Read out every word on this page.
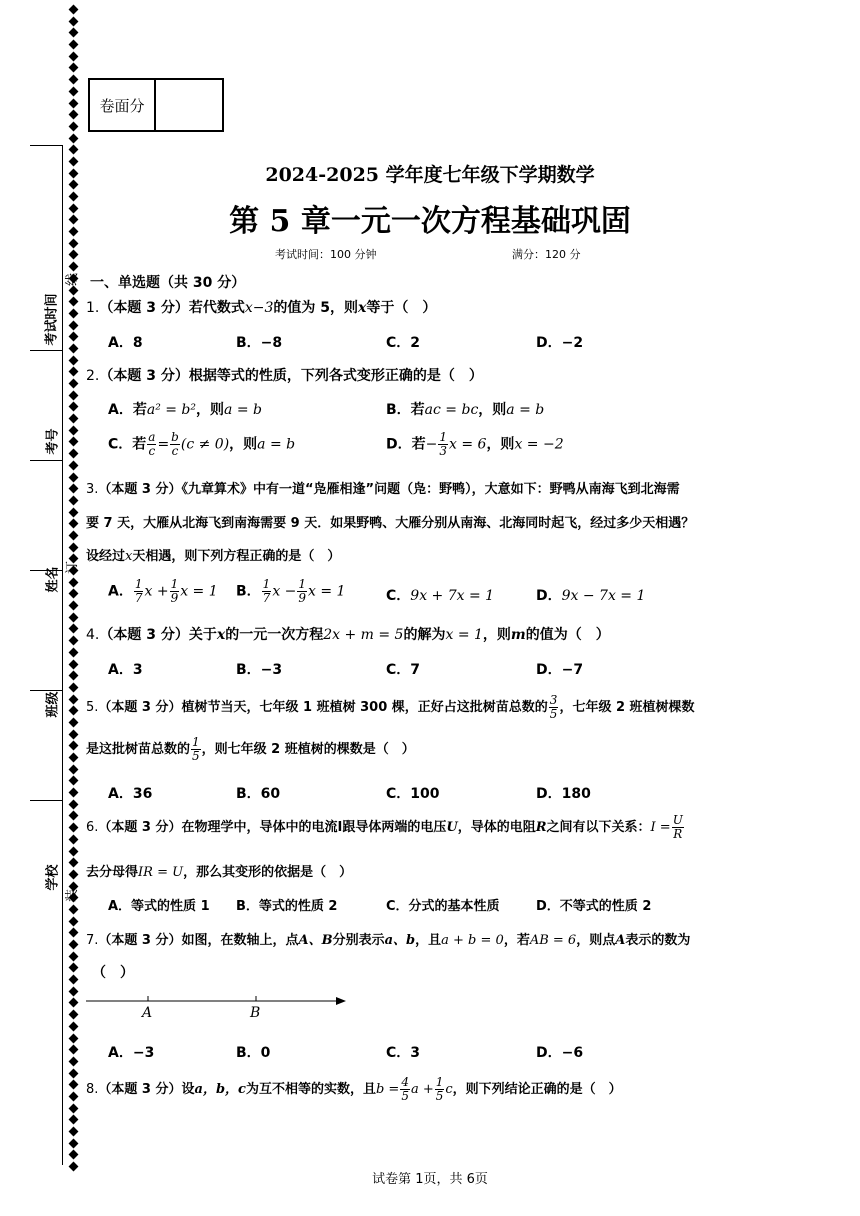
考试时间
考号
姓名
班级
学校
线
订
装
卷面分
2024-2025 学年度七年级下学期数学
第 5 章一元一次方程基础巩固
考试时间：100 分钟	满分：120 分
一、单选题（共 30 分）
1.（本题 3 分）若代数式x−3的值为 5，则x等于（　）
A．8	B．−8	C．2	D．−2
2.（本题 3 分）根据等式的性质，下列各式变形正确的是（　）
A．若a² = b²，则a = b	B．若ac = bc，则a = b
C．若 $\frac{a}{c} = \frac{b}{c} (c \ne 0)$，则a = b	D．若− $\frac{1}{3}$ x = 6，则x = −2
3.（本题 3 分）《九章算术》中有一道“凫雁相逢”问题（凫：野鸭），大意如下：野鸭从南海飞到北海需
要 7 天，大雁从北海飞到南海需要 9 天．如果野鸭、大雁分别从南海、北海同时起飞，经过多少天相遇？
设经过x天相遇，则下列方程正确的是（　）
A． $\frac{1}{7}$ $x + \frac{1}{9}$ x = 1 B． $\frac{1}{7}$ $x - \frac{1}{9}$ x = 1	C．9x + 7x = 1	D．9x − 7x = 1
4.（本题 3 分）关于x的一元一次方程2x + m = 5的解为x = 1，则m的值为（　）
A．3	B．−3	C．7	D．−7
5.（本题 3 分）植树节当天，七年级 1 班植树 300 棵，正好占这批树苗总数的 $\frac{3}{5}$ ，七年级 2 班植树棵数
是这批树苗总数的 $\frac{1}{5}$ ，则七年级 2 班植树的棵数是（　）
A．36	B．60	C．100	D．180
6.（本题 3 分）在物理学中，导体中的电流Ⅰ跟导体两端的电压U，导体的电阻R之间有以下关系：$I = \frac{U}{R}$
去分母得IR = U，那么其变形的依据是（　）
A．等式的性质 1 B．等式的性质 2	C．分式的基本性质	D．不等式的性质 2
7.（本题 3 分）如图，在数轴上，点A、B分别表示a、b，且a + b = 0，若AB = 6，则点A表示的数为
（　）
A	B
A．−3	B．0	C．3	D．−6
8.（本题 3 分）设a，b，c为互不相等的实数，且$b = \frac{4}{5}$ $a + \frac{1}{5}$ c，则下列结论正确的是（　）
试卷第 1页，共 6页
